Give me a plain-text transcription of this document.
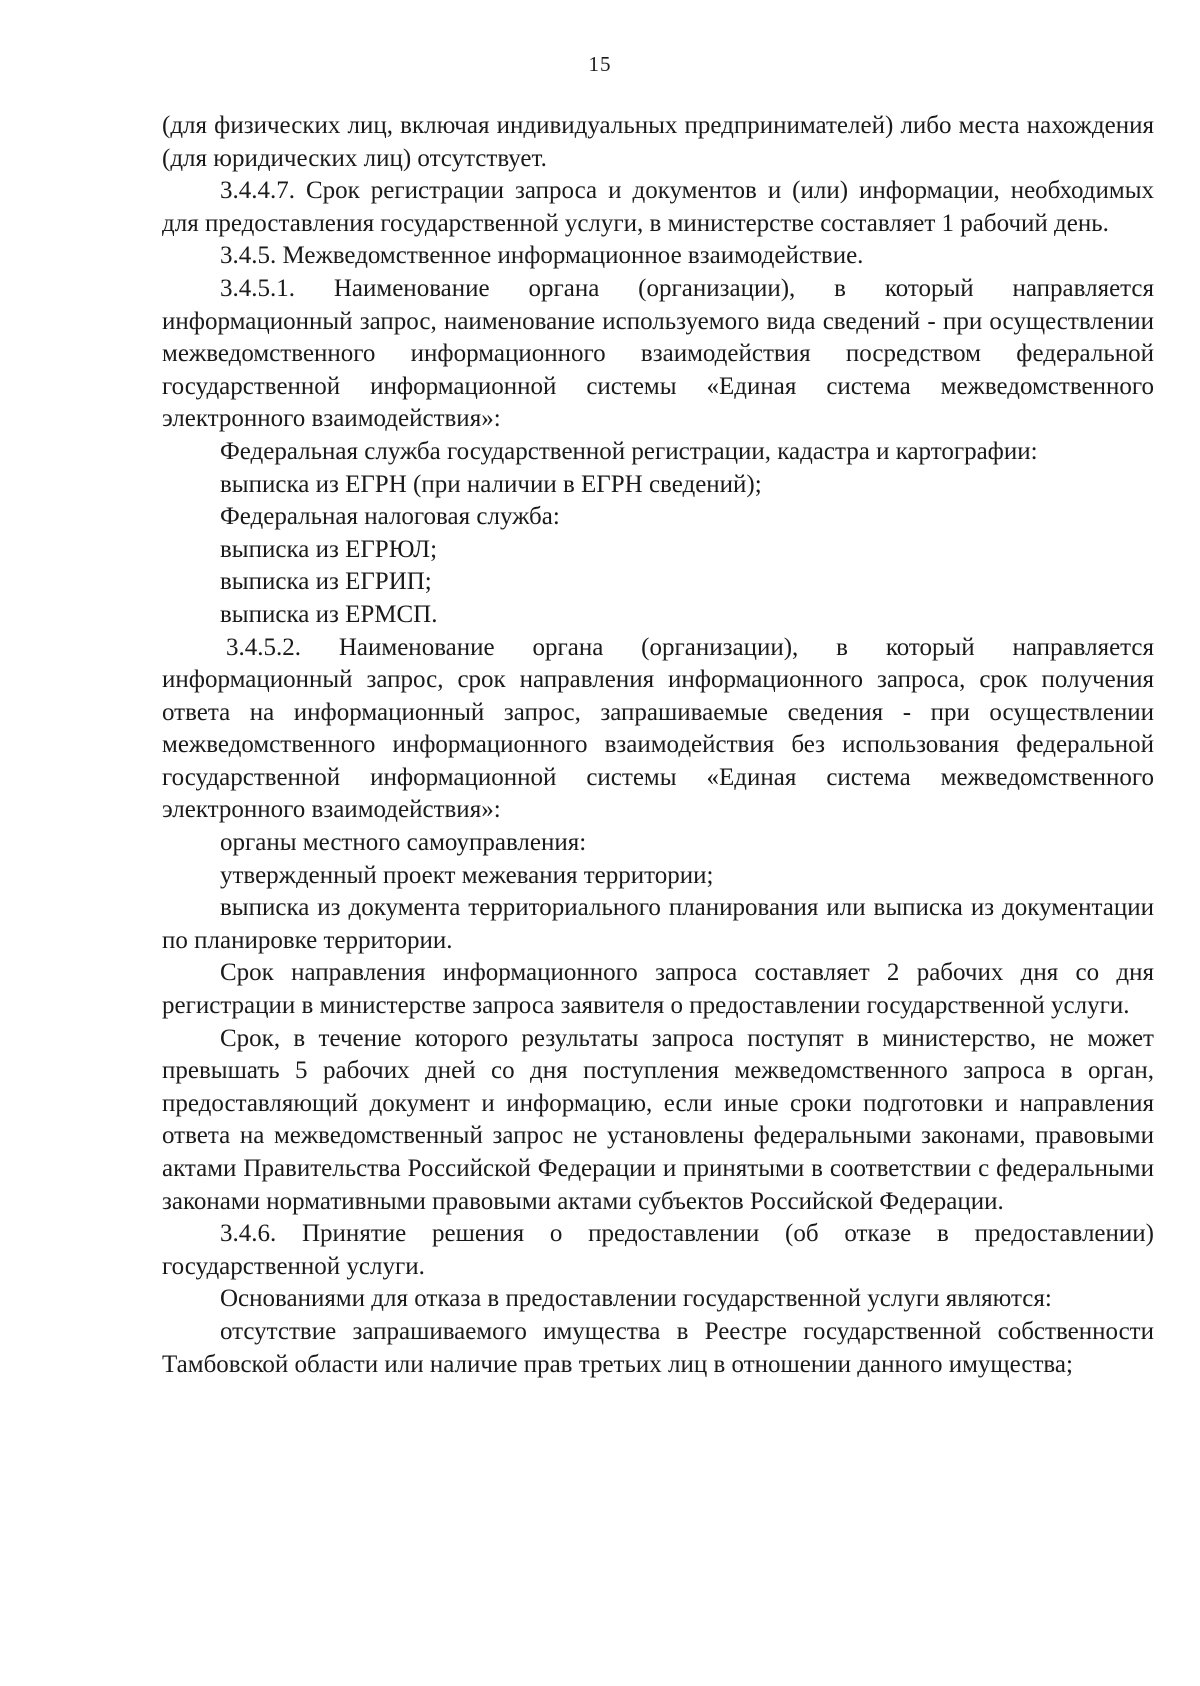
15

(для физических лиц, включая индивидуальных предпринимателей) либо места нахождения (для юридических лиц) отсутствует.

3.4.4.7. Срок регистрации запроса и документов и (или) информации, необходимых для предоставления государственной услуги, в министерстве составляет 1 рабочий день.

3.4.5. Межведомственное информационное взаимодействие.

3.4.5.1. Наименование органа (организации), в который направляется информационный запрос, наименование используемого вида сведений - при осуществлении межведомственного информационного взаимодействия посредством федеральной государственной информационной системы «Единая система межведомственного электронного взаимодействия»:

Федеральная служба государственной регистрации, кадастра и картографии:

выписка из ЕГРН (при наличии в ЕГРН сведений);

Федеральная налоговая служба:

выписка из ЕГРЮЛ;

выписка из ЕГРИП;

выписка из ЕРМСП.

3.4.5.2. Наименование органа (организации), в который направляется информационный запрос, срок направления информационного запроса, срок получения ответа на информационный запрос, запрашиваемые сведения - при осуществлении межведомственного информационного взаимодействия без использования федеральной государственной информационной системы «Единая система межведомственного электронного взаимодействия»:

органы местного самоуправления:

утвержденный проект межевания территории;

выписка из документа территориального планирования или выписка из документации по планировке территории.

Срок направления информационного запроса составляет 2 рабочих дня со дня регистрации в министерстве запроса заявителя о предоставлении государственной услуги.

Срок, в течение которого результаты запроса поступят в министерство, не может превышать 5 рабочих дней со дня поступления межведомственного запроса в орган, предоставляющий документ и информацию, если иные сроки подготовки и направления ответа на межведомственный запрос не установлены федеральными законами, правовыми актами Правительства Российской Федерации и принятыми в соответствии с федеральными законами нормативными правовыми актами субъектов Российской Федерации.

3.4.6. Принятие решения о предоставлении (об отказе в предоставлении) государственной услуги.

Основаниями для отказа в предоставлении государственной услуги являются:

отсутствие запрашиваемого имущества в Реестре государственной собственности Тамбовской области или наличие прав третьих лиц в отношении данного имущества;
